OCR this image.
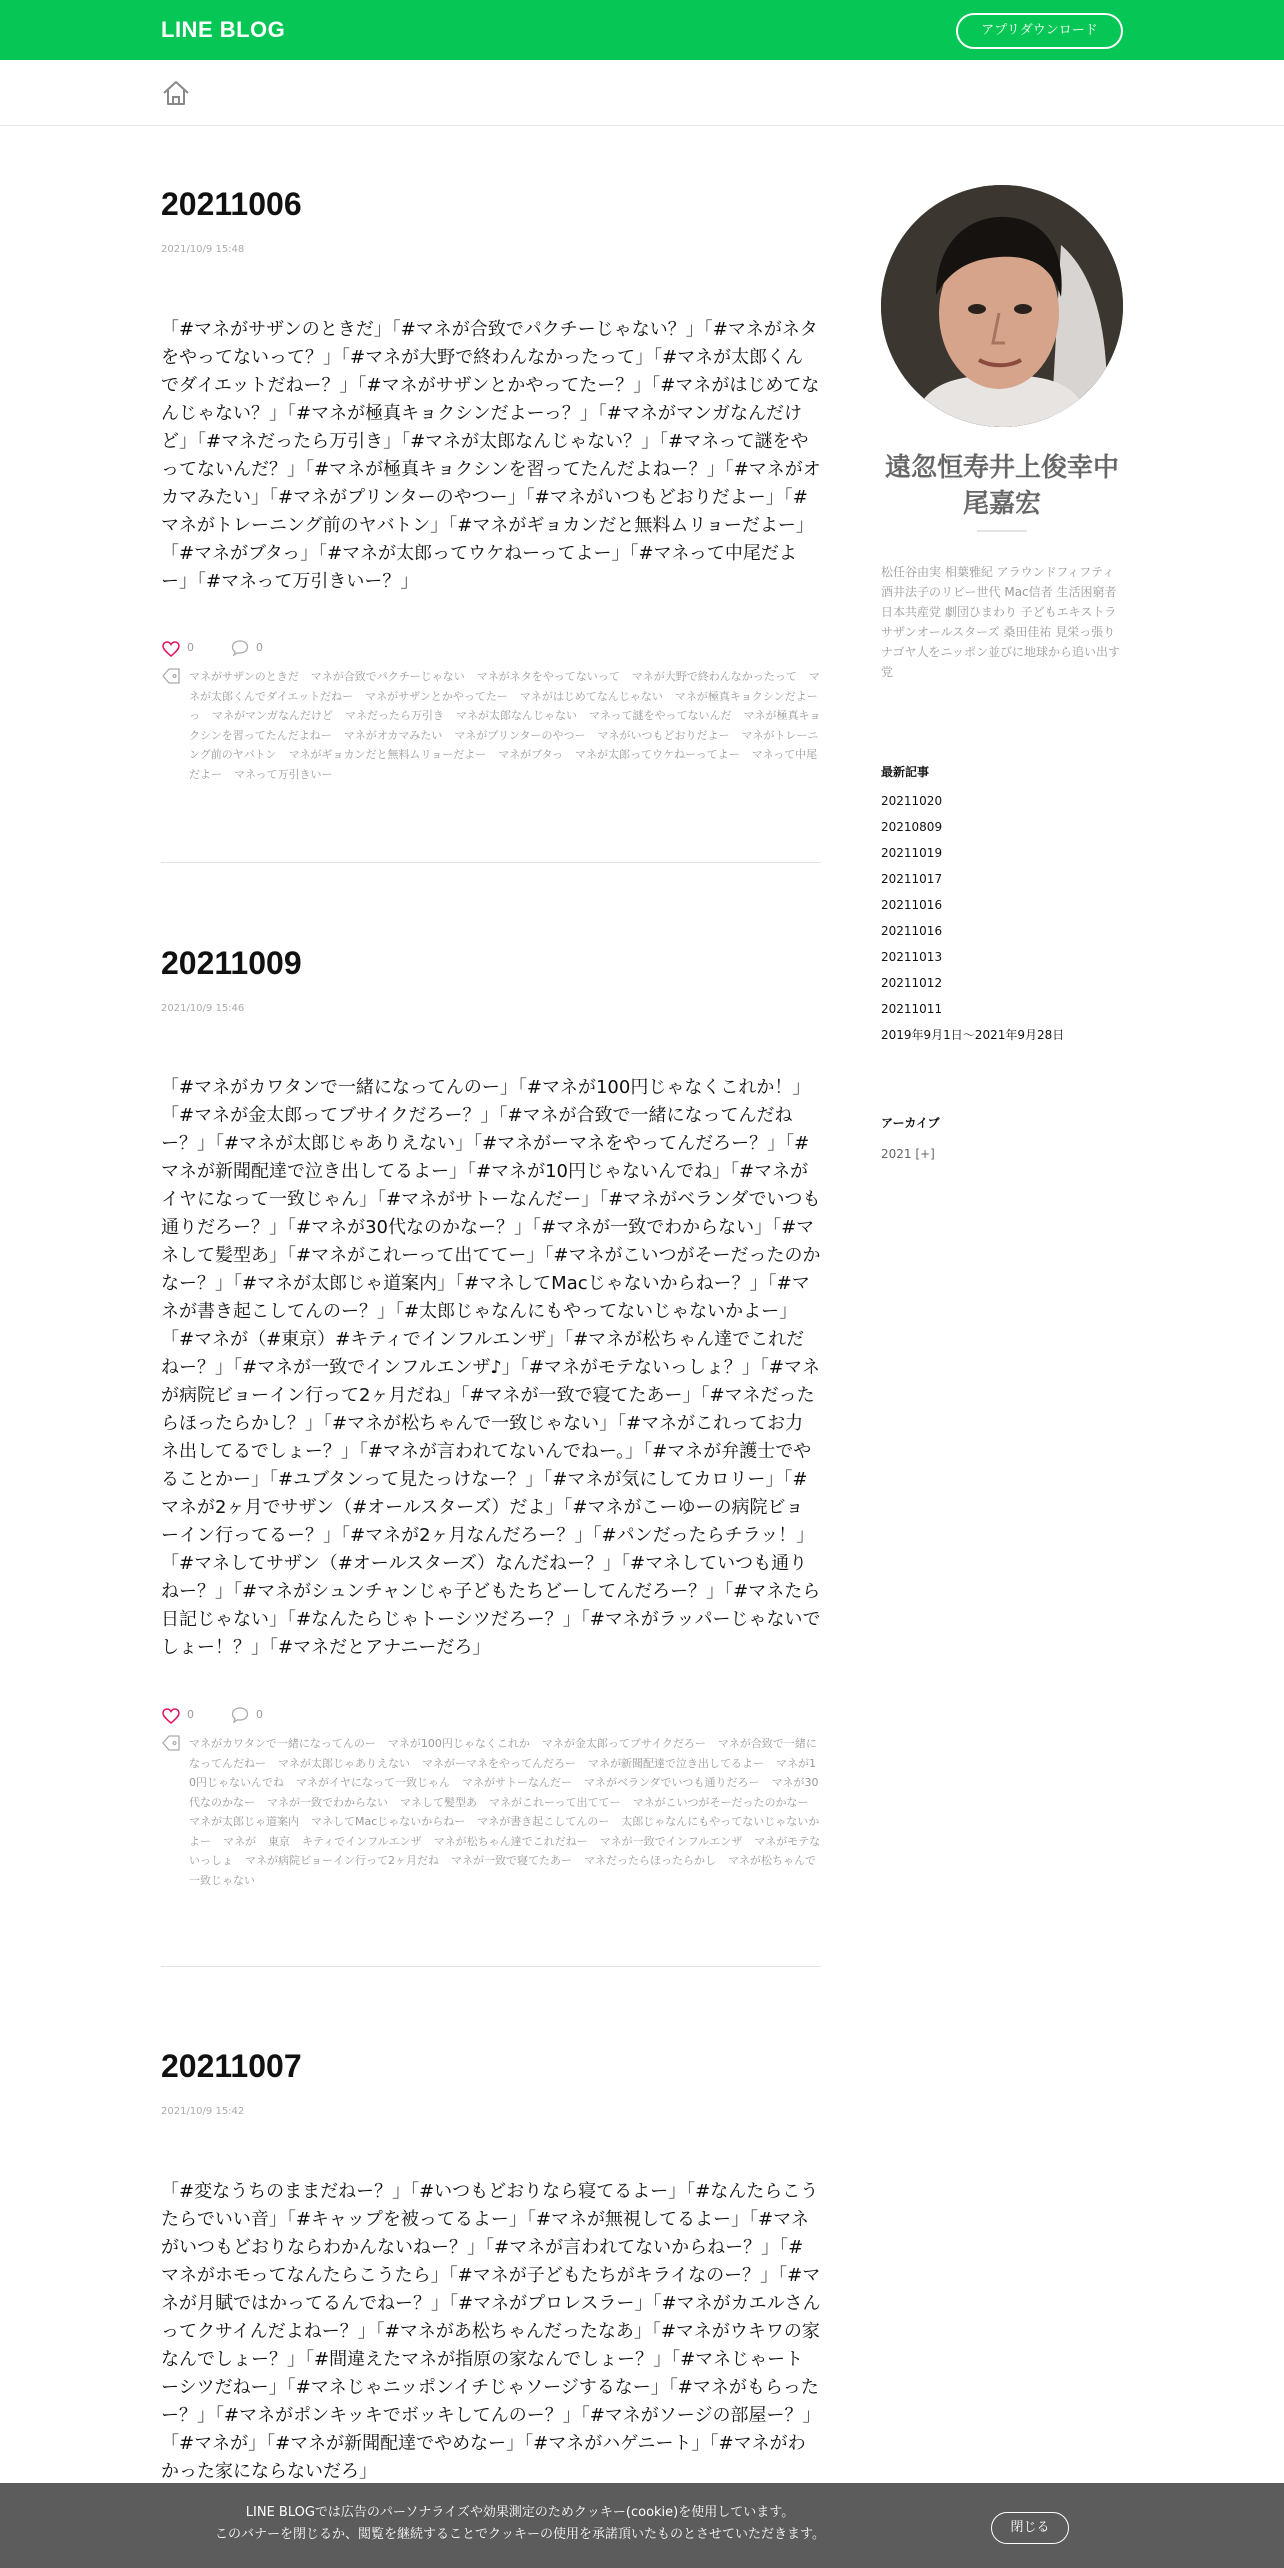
LINE BLOG	アプリダウンロード
20211006
2021/10/9 15:48
「#マネがサザンのときだ」「#マネが合致でパクチーじゃない？」「#マネがネタをやってないって？」「#マネが大野で終わんなかったって」「#マネが太郎くんでダイエットだねー？」「#マネがサザンとかやってたー？」「#マネがはじめてなんじゃない？」「#マネが極真キョクシンだよーっ？」「#マネがマンガなんだけど」「#マネだったら万引き」「#マネが太郎なんじゃない？」「#マネって謎をやってないんだ？」「#マネが極真キョクシンを習ってたんだよねー？」「#マネがオカマみたい」「#マネがプリンターのやつー」「#マネがいつもどおりだよー」「#マネがトレーニング前のヤバトン」「#マネがギョカンだと無料ムリョーだよー」「#マネがブタっ」「#マネが太郎ってウケねーってよー」「#マネって中尾だよー」「#マネって万引きいー？」
0	0
マネがサザンのときだ マネが合致でパクチーじゃない マネがネタをやってないって マネが大野で終わんなかったって マネが太郎くんでダイエットだねー マネがサザンとかやってたー マネがはじめてなんじゃない マネが極真キョクシンだよーっ マネがマンガなんだけど マネだったら万引き マネが太郎なんじゃない マネって謎をやってないんだ マネが極真キョクシンを習ってたんだよねー マネがオカマみたい マネがプリンターのやつー マネがいつもどおりだよー マネがトレーニング前のヤバトン マネがギョカンだと無料ムリョーだよー マネがブタっ マネが太郎ってウケねーってよー マネって中尾だよー マネって万引きいー
20211009
2021/10/9 15:46
「#マネがカワタンで一緒になってんのー」「#マネが100円じゃなくこれか！」「#マネが金太郎ってブサイクだろー？」「#マネが合致で一緒になってんだねー？」「#マネが太郎じゃありえない」「#マネがーマネをやってんだろー？」「#マネが新聞配達で泣き出してるよー」「#マネが10円じゃないんでね」「#マネがイヤになって一致じゃん」「#マネがサトーなんだー」「#マネがベランダでいつも通りだろー？」「#マネが30代なのかなー？」「#マネが一致でわからない」「#マネして髪型あ」「#マネがこれーって出ててー」「#マネがこいつがそーだったのかなー？」「#マネが太郎じゃ道案内」「#マネしてMacじゃないからねー？」「#マネが書き起こしてんのー？」「#太郎じゃなんにもやってないじゃないかよー」「#マネが（#東京）#キティでインフルエンザ」「#マネが松ちゃん達でこれだねー？」「#マネが一致でインフルエンザ♪」「#マネがモテないっしょ？」「#マネが病院ビョーイン行って2ヶ月だね」「#マネが一致で寝てたあー」「#マネだったらほったらかし？」「#マネが松ちゃんで一致じゃない」「#マネがこれってお力ネ出してるでしょー？」「#マネが言われてないんでねー。」「#マネが弁護士でやることかー」「#ユブタンって見たっけなー？」「#マネが気にしてカロリー」「#マネが2ヶ月でサザン（#オールスターズ）だよ」「#マネがこーゆーの病院ビョーイン行ってるー？」「#マネが2ヶ月なんだろー？」「#パンだったらチラッ！」「#マネしてサザン（#オールスターズ）なんだねー？」「#マネしていつも通りねー？」「#マネがシュンチャンじゃ子どもたちどーしてんだろー？」「#マネたら日記じゃない」「#なんたらじゃトーシツだろー？」「#マネがラッパーじゃないでしょー！？」「#マネだとアナニーだろ」
0	0
マネがカワタンで一緒になってんのー マネが100円じゃなくこれか マネが金太郎ってブサイクだろー マネが合致で一緒になってんだねー マネが太郎じゃありえない マネがーマネをやってんだろー マネが新聞配達で泣き出してるよー マネが10円じゃないんでね マネがイヤになって一致じゃん マネがサトーなんだー マネがベランダでいつも通りだろー マネが30代なのかなー マネが一致でわからない マネして髪型あ マネがこれーって出ててー マネがこいつがそーだったのかなーマネが太郎じゃ道案内 マネしてMacじゃないからねー マネが書き起こしてんのー 太郎じゃなんにもやってないじゃないかよー マネが 東京 キティでインフルエンザ マネが松ちゃん達でこれだねー マネが一致でインフルエンザ マネがモテないっしょ マネが病院ビョーイン行って2ヶ月だね マネが一致で寝てたあー マネだったらほったらかし マネが松ちゃんで一致じゃない
20211007
2021/10/9 15:42
「#変なうちのままだねー？」「#いつもどおりなら寝てるよー」「#なんたらこうたらでいい音」「#キャップを被ってるよー」「#マネが無視してるよー」「#マネがいつもどおりならわかんないねー？」「#マネが言われてないからねー？」「#マネがホモってなんたらこうたら」「#マネが子どもたちがキライなのー？」「#マネが月賦ではかってるんでねー？」「#マネがプロレスラー」「#マネがカエルさんってクサイんだよねー？」「#マネがあ松ちゃんだったなあ」「#マネがウキワの家なんでしょー？」「#間違えたマネが指原の家なんでしょー？」「#マネじゃートーシツだねー」「#マネじゃニッポンイチじゃソージするなー」「#マネがもらったー？」「#マネがポンキッキでボッキしてんのー？」「#マネがソージの部屋ー？」「#マネが」「#マネが新聞配達でやめなー」「#マネがハゲニート」「#マネがわかった家にならないだろ」
遠忽恒寿井上俊幸中尾嘉宏
松任谷由実 相葉雅紀 アラウンドフィフティ 酒井法子のリビー世代 Mac信者 生活困窮者 日本共産党 劇団ひまわり 子どもエキストラ サザンオールスターズ 桑田佳祐 見栄っ張りナゴヤ人をニッポン並びに地球から追い出す党
最新記事
20211020
20210809
20211019
20211017
20211016
20211016
20211013
20211012
20211011
2019年9月1日〜2021年9月28日
アーカイブ
2021 [+]
LINE BLOGでは広告のパーソナライズや効果測定のためクッキー(cookie)を使用しています。
このバナーを閉じるか、閲覧を継続することでクッキーの使用を承諾頂いたものとさせていただきます。	閉じる
